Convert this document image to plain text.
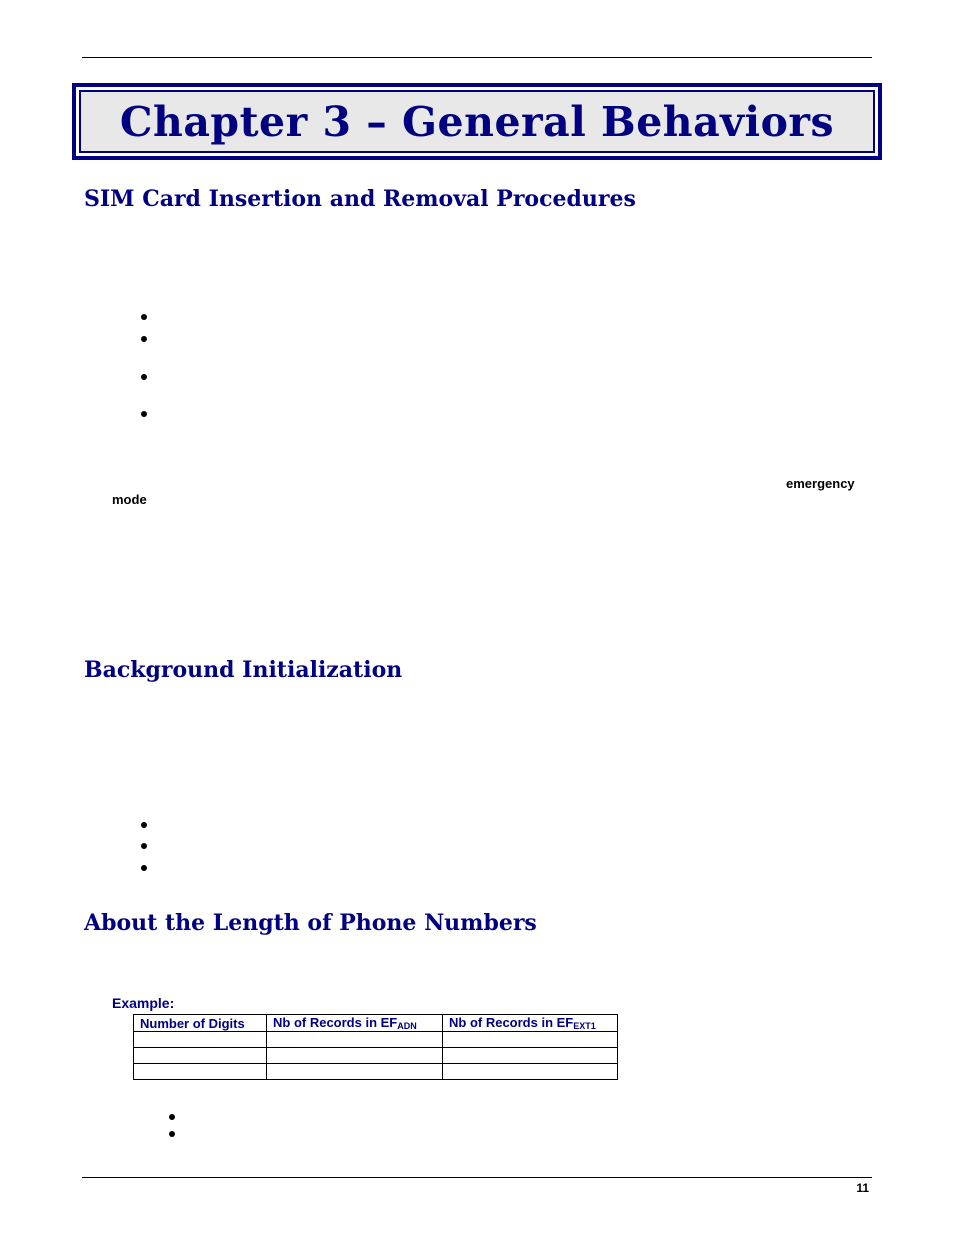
Chapter 3 – General Behaviors
SIM Card Insertion and Removal Procedures
emergency
mode
Background Initialization
About the Length of Phone Numbers
Example:
Number of Digits	Nb of Records in $EF_{ADN}$	Nb of Records in $EF_{EXT1}$

11
